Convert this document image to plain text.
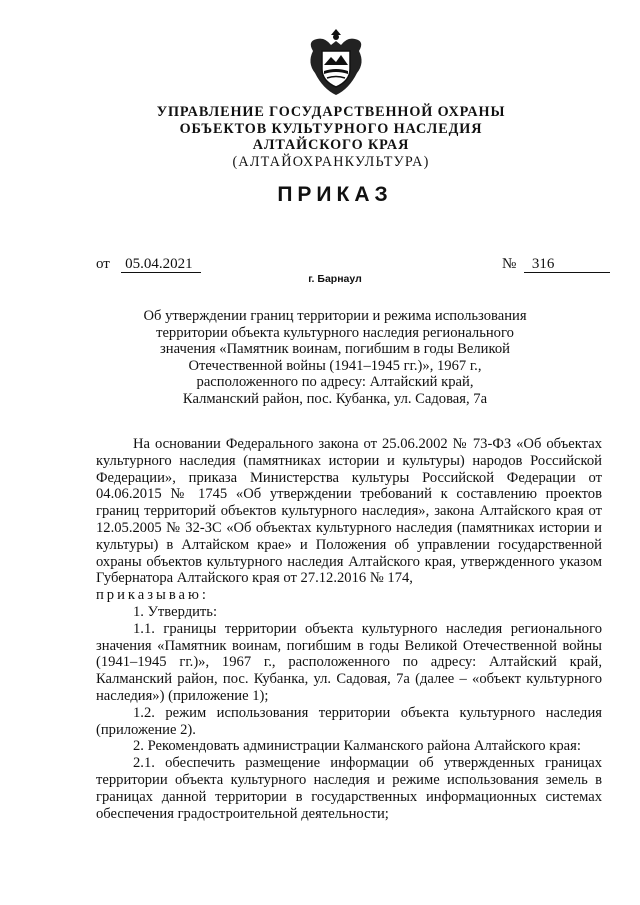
УПРАВЛЕНИЕ ГОСУДАРСТВЕННОЙ ОХРАНЫ
ОБЪЕКТОВ КУЛЬТУРНОГО НАСЛЕДИЯ
АЛТАЙСКОГО КРАЯ
(АЛТАЙОХРАНКУЛЬТУРА)
ПРИКАЗ
от 05.04.2021	№ 316
г. Барнаул
Об утверждении границ территории и режима использования
территории объекта культурного наследия регионального
значения «Памятник воинам, погибшим в годы Великой
Отечественной войны (1941–1945 гг.)», 1967 г.,
расположенного по адресу: Алтайский край,
Калманский район, пос. Кубанка, ул. Садовая, 7а

На основании Федерального закона от 25.06.2002 № 73-ФЗ «Об объектах культурного наследия (памятниках истории и культуры) народов Российской Федерации», приказа Министерства культуры Российской Федерации от 04.06.2015 № 1745 «Об утверждении требований к составлению проектов границ территорий объектов культурного наследия», закона Алтайского края от 12.05.2005 № 32-ЗС «Об объектах культурного наследия (памятниках истории и культуры) в Алтайском крае» и Положения об управлении государственной охраны объектов культурного наследия Алтайского края, утвержденного указом Губернатора Алтайского края от 27.12.2016 № 174,

приказываю:

1. Утвердить:

1.1. границы территории объекта культурного наследия регионального значения «Памятник воинам, погибшим в годы Великой Отечественной войны (1941–1945 гг.)», 1967 г., расположенного по адресу: Алтайский край, Калманский район, пос. Кубанка, ул. Садовая, 7а (далее – «объект культурного наследия») (приложение 1);

1.2. режим использования территории объекта культурного наследия (приложение 2).

2. Рекомендовать администрации Калманского района Алтайского края:

2.1. обеспечить размещение информации об утвержденных границах территории объекта культурного наследия и режиме использования земель в границах данной территории в государственных информационных системах обеспечения градостроительной деятельности;
